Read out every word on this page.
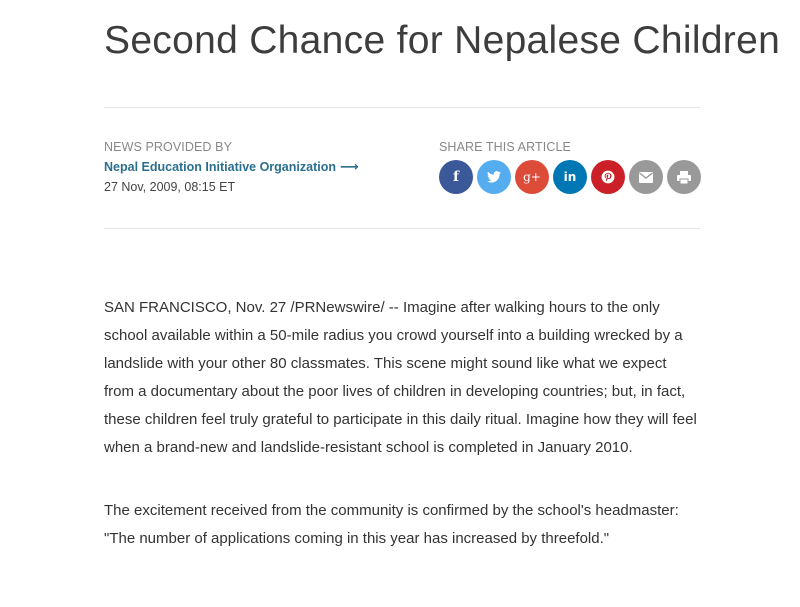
Second Chance for Nepalese Children
NEWS PROVIDED BY
Nepal Education Initiative Organization ⟶
27 Nov, 2009, 08:15 ET
SHARE THIS ARTICLE
f	g+ in

SAN FRANCISCO, Nov. 27 /PRNewswire/ -- Imagine after walking hours to the only school available within a 50-mile radius you crowd yourself into a building wrecked by a landslide with your other 80 classmates. This scene might sound like what we expect from a documentary about the poor lives of children in developing countries; but, in fact, these children feel truly grateful to participate in this daily ritual. Imagine how they will feel when a brand-new and landslide-resistant school is completed in January 2010.

The excitement received from the community is confirmed by the school's headmaster: "The number of applications coming in this year has increased by threefold."
